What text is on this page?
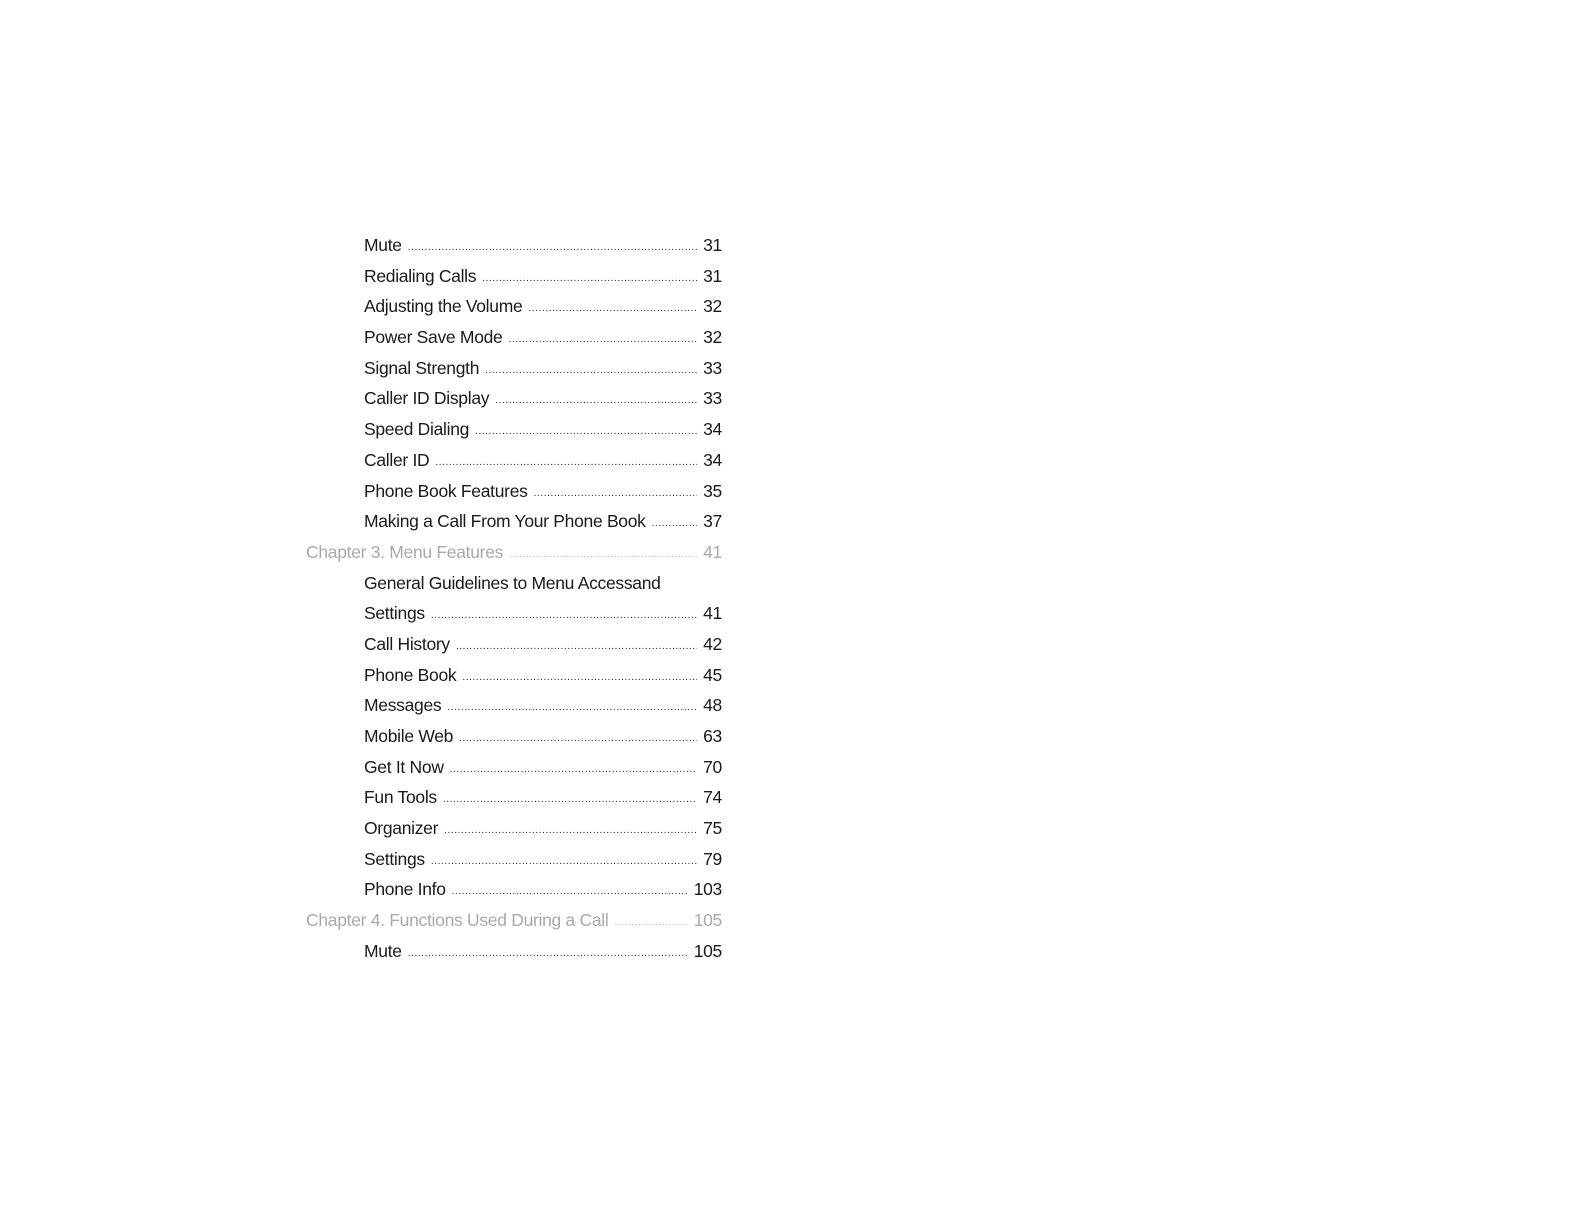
Mute .....	31
Redialing Calls .....	31
Adjusting the Volume .....	32
Power Save Mode .....	32
Signal Strength .....	33
Caller ID Display .....	33
Speed Dialing .....	34
Caller ID .....	34
Phone Book Features .....	35
Making a Call From Your Phone Book .....	37
Chapter 3. Menu Features .....	41
General Guidelines to Menu Accessand
Settings .....	41
Call History .....	42
Phone Book .....	45
Messages .....	48
Mobile Web .....	63
Get It Now .....	70
Fun Tools .....	74
Organizer .....	75
Settings .....	79
Phone Info .....	103
Chapter 4. Functions Used During a Call .....	105
Mute .....	105
